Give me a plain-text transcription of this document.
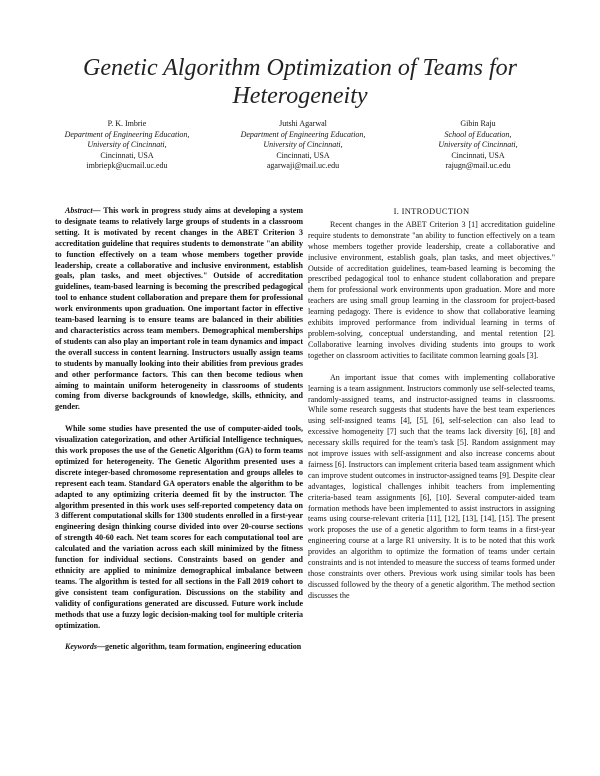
Genetic Algorithm Optimization of Teams for Heterogeneity
P. K. Imbrie
Department of Engineering Education,
University of Cincinnati,
Cincinnati, USA
imbriepk@ucmail.uc.edu
Jutshi Agarwal
Department of Engineering Education,
University of Cincinnati,
Cincinnati, USA
agarwaji@mail.uc.edu
Gibin Raju
School of Education,
University of Cincinnati,
Cincinnati, USA
rajugn@mail.uc.edu

Abstract— This work in progress study aims at developing a system to designate teams to relatively large groups of students in a classroom setting. It is motivated by recent changes in the ABET Criterion 3 accreditation guideline that requires students to demonstrate "an ability to function effectively on a team whose members together provide leadership, create a collaborative and inclusive environment, establish goals, plan tasks, and meet objectives." Outside of accreditation guidelines, team-based learning is becoming the prescribed pedagogical tool to enhance student collaboration and prepare them for professional work environments upon graduation. One important factor in effective team-based learning is to ensure teams are balanced in their abilities and characteristics across team members. Demographical memberships of students can also play an important role in team dynamics and impact the overall success in content learning. Instructors usually assign teams to students by manually looking into their abilities from previous grades and other performance factors. This can then become tedious when aiming to maintain uniform heterogeneity in classrooms of students coming from diverse backgrounds of knowledge, skills, ethnicity, and gender.

While some studies have presented the use of computer-aided tools, visualization categorization, and other Artificial Intelligence techniques, this work proposes the use of the Genetic Algorithm (GA) to form teams optimized for heterogeneity. The Genetic Algorithm presented uses a discrete integer-based chromosome representation and groups alleles to represent each team. Standard GA operators enable the algorithm to be adapted to any optimizing criteria deemed fit by the instructor. The algorithm presented in this work uses self-reported competency data on 3 different computational skills for 1300 students enrolled in a first-year engineering design thinking course divided into over 20-course sections of strength 40-60 each. Net team scores for each computational tool are calculated and the variation across each skill minimized by the fitness function for individual sections. Constraints based on gender and ethnicity are applied to minimize demographical imbalance between teams. The algorithm is tested for all sections in the Fall 2019 cohort to give consistent team configuration. Discussions on the stability and validity of configurations generated are discussed. Future work include methods that use a fuzzy logic decision-making tool for multiple criteria optimization.

Keywords—genetic algorithm, team formation, engineering education

I. INTRODUCTION

Recent changes in the ABET Criterion 3 [1] accreditation guideline require students to demonstrate "an ability to function effectively on a team whose members together provide leadership, create a collaborative and inclusive environment, establish goals, plan tasks, and meet objectives." Outside of accreditation guidelines, team-based learning is becoming the prescribed pedagogical tool to enhance student collaboration and prepare them for professional work environments upon graduation. More and more teachers are using small group learning in the classroom for project-based learning pedagogy. There is evidence to show that collaborative learning exhibits improved performance from individual learning in terms of problem-solving, conceptual understanding, and mental retention [2]. Collaborative learning involves dividing students into groups to work together on classroom activities to facilitate common learning goals [3].

An important issue that comes with implementing collaborative learning is a team assignment. Instructors commonly use self-selected teams, randomly-assigned teams, and instructor-assigned teams in classrooms. While some research suggests that students have the best team experiences using self-assigned teams [4], [5], [6], self-selection can also lead to excessive homogeneity [7] such that the teams lack diversity [6], [8] and necessary skills required for the team's task [5]. Random assignment may not improve issues with self-assignment and also increase concerns about fairness [6]. Instructors can implement criteria based team assignment which can improve student outcomes in instructor-assigned teams [9]. Despite clear advantages, logistical challenges inhibit teachers from implementing criteria-based team assignments [6], [10]. Several computer-aided team formation methods have been implemented to assist instructors in assigning teams using course-relevant criteria [11], [12], [13], [14], [15]. The present work proposes the use of a genetic algorithm to form teams in a first-year engineering course at a large R1 university. It is to be noted that this work provides an algorithm to optimize the formation of teams under certain constraints and is not intended to measure the success of teams formed under those constraints over others. Previous work using similar tools has been discussed followed by the theory of a genetic algorithm. The method section discusses the
